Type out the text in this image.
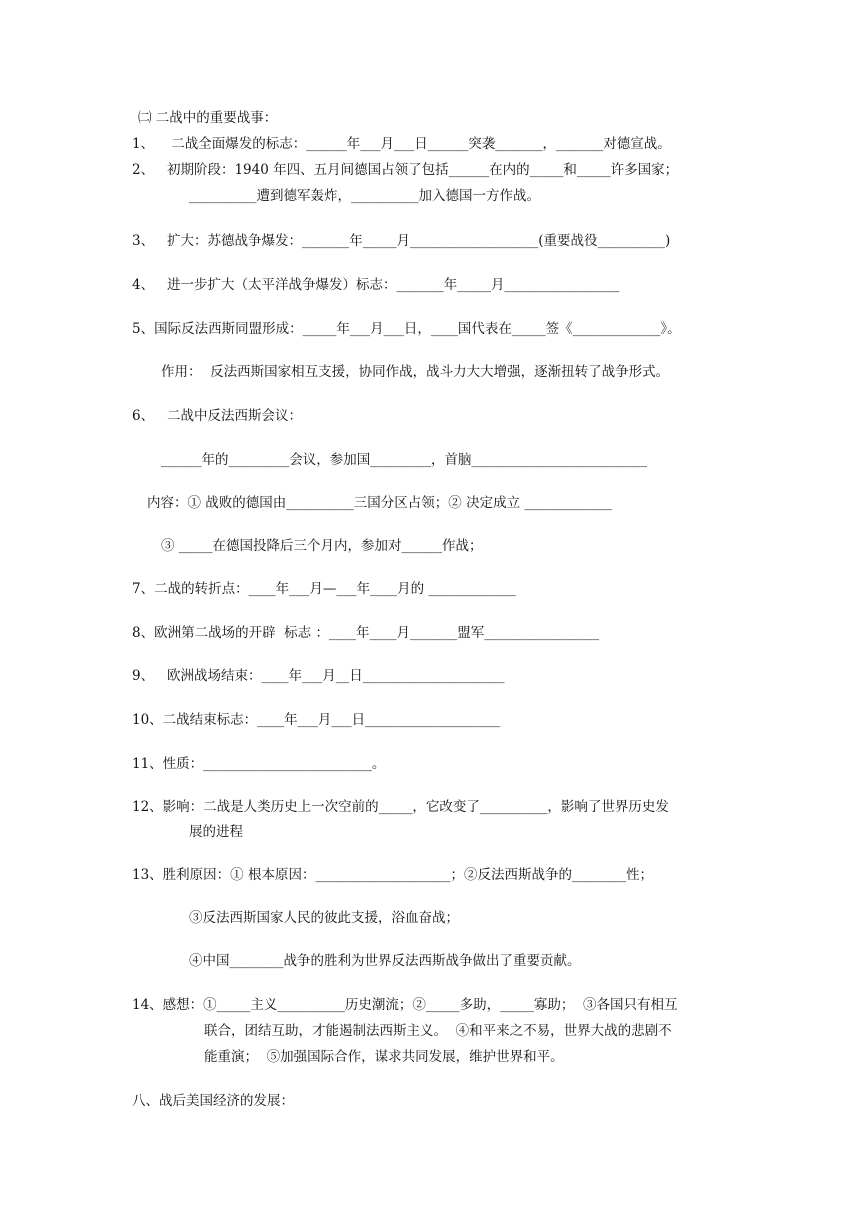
㈡ 二战中的重要战事：
1、    二战全面爆发的标志：______年___月___日______突袭_______，_______对德宣战。
2、   初期阶段：1940 年四、五月间德国占领了包括______在内的_____和_____许多国家；
__________遭到德军轰炸，__________加入德国一方作战。
3、   扩大：苏德战争爆发：_______年_____月___________________(重要战役__________)
4、   进一步扩大（太平洋战争爆发）标志：_______年_____月_________________
5、国际反法西斯同盟形成：_____年___月___日，____国代表在_____签《_____________》。
作用：  反法西斯国家相互支援，协同作战，战斗力大大增强，逐渐扭转了战争形式。
6、   二战中反法西斯会议：
______年的_________会议，参加国_________，首脑__________________________
内容：① 战败的德国由__________三国分区占领；② 决定成立 _____________
③ _____在德国投降后三个月内，参加对______作战；
7、二战的转折点：____年___月—___年____月的 _____________
8、欧洲第二战场的开辟  标志 ：____年____月_______盟军_________________
9、   欧洲战场结束：____年___月__日_____________________
10、二战结束标志：____年___月___日____________________
11、性质：_________________________。
12、影响：二战是人类历史上一次空前的_____，它改变了__________，影响了世界历史发
展的进程
13、胜利原因：① 根本原因：____________________；②反法西斯战争的________性；
③反法西斯国家人民的彼此支援，浴血奋战；
④中国________战争的胜利为世界反法西斯战争做出了重要贡献。
14、感想：①_____主义__________历史潮流；②_____多助，_____寡助；  ③各国只有相互
联合，团结互助，才能遏制法西斯主义。  ④和平来之不易，世界大战的悲剧不
能重演；  ⑤加强国际合作，谋求共同发展，维护世界和平。
八、战后美国经济的发展：
